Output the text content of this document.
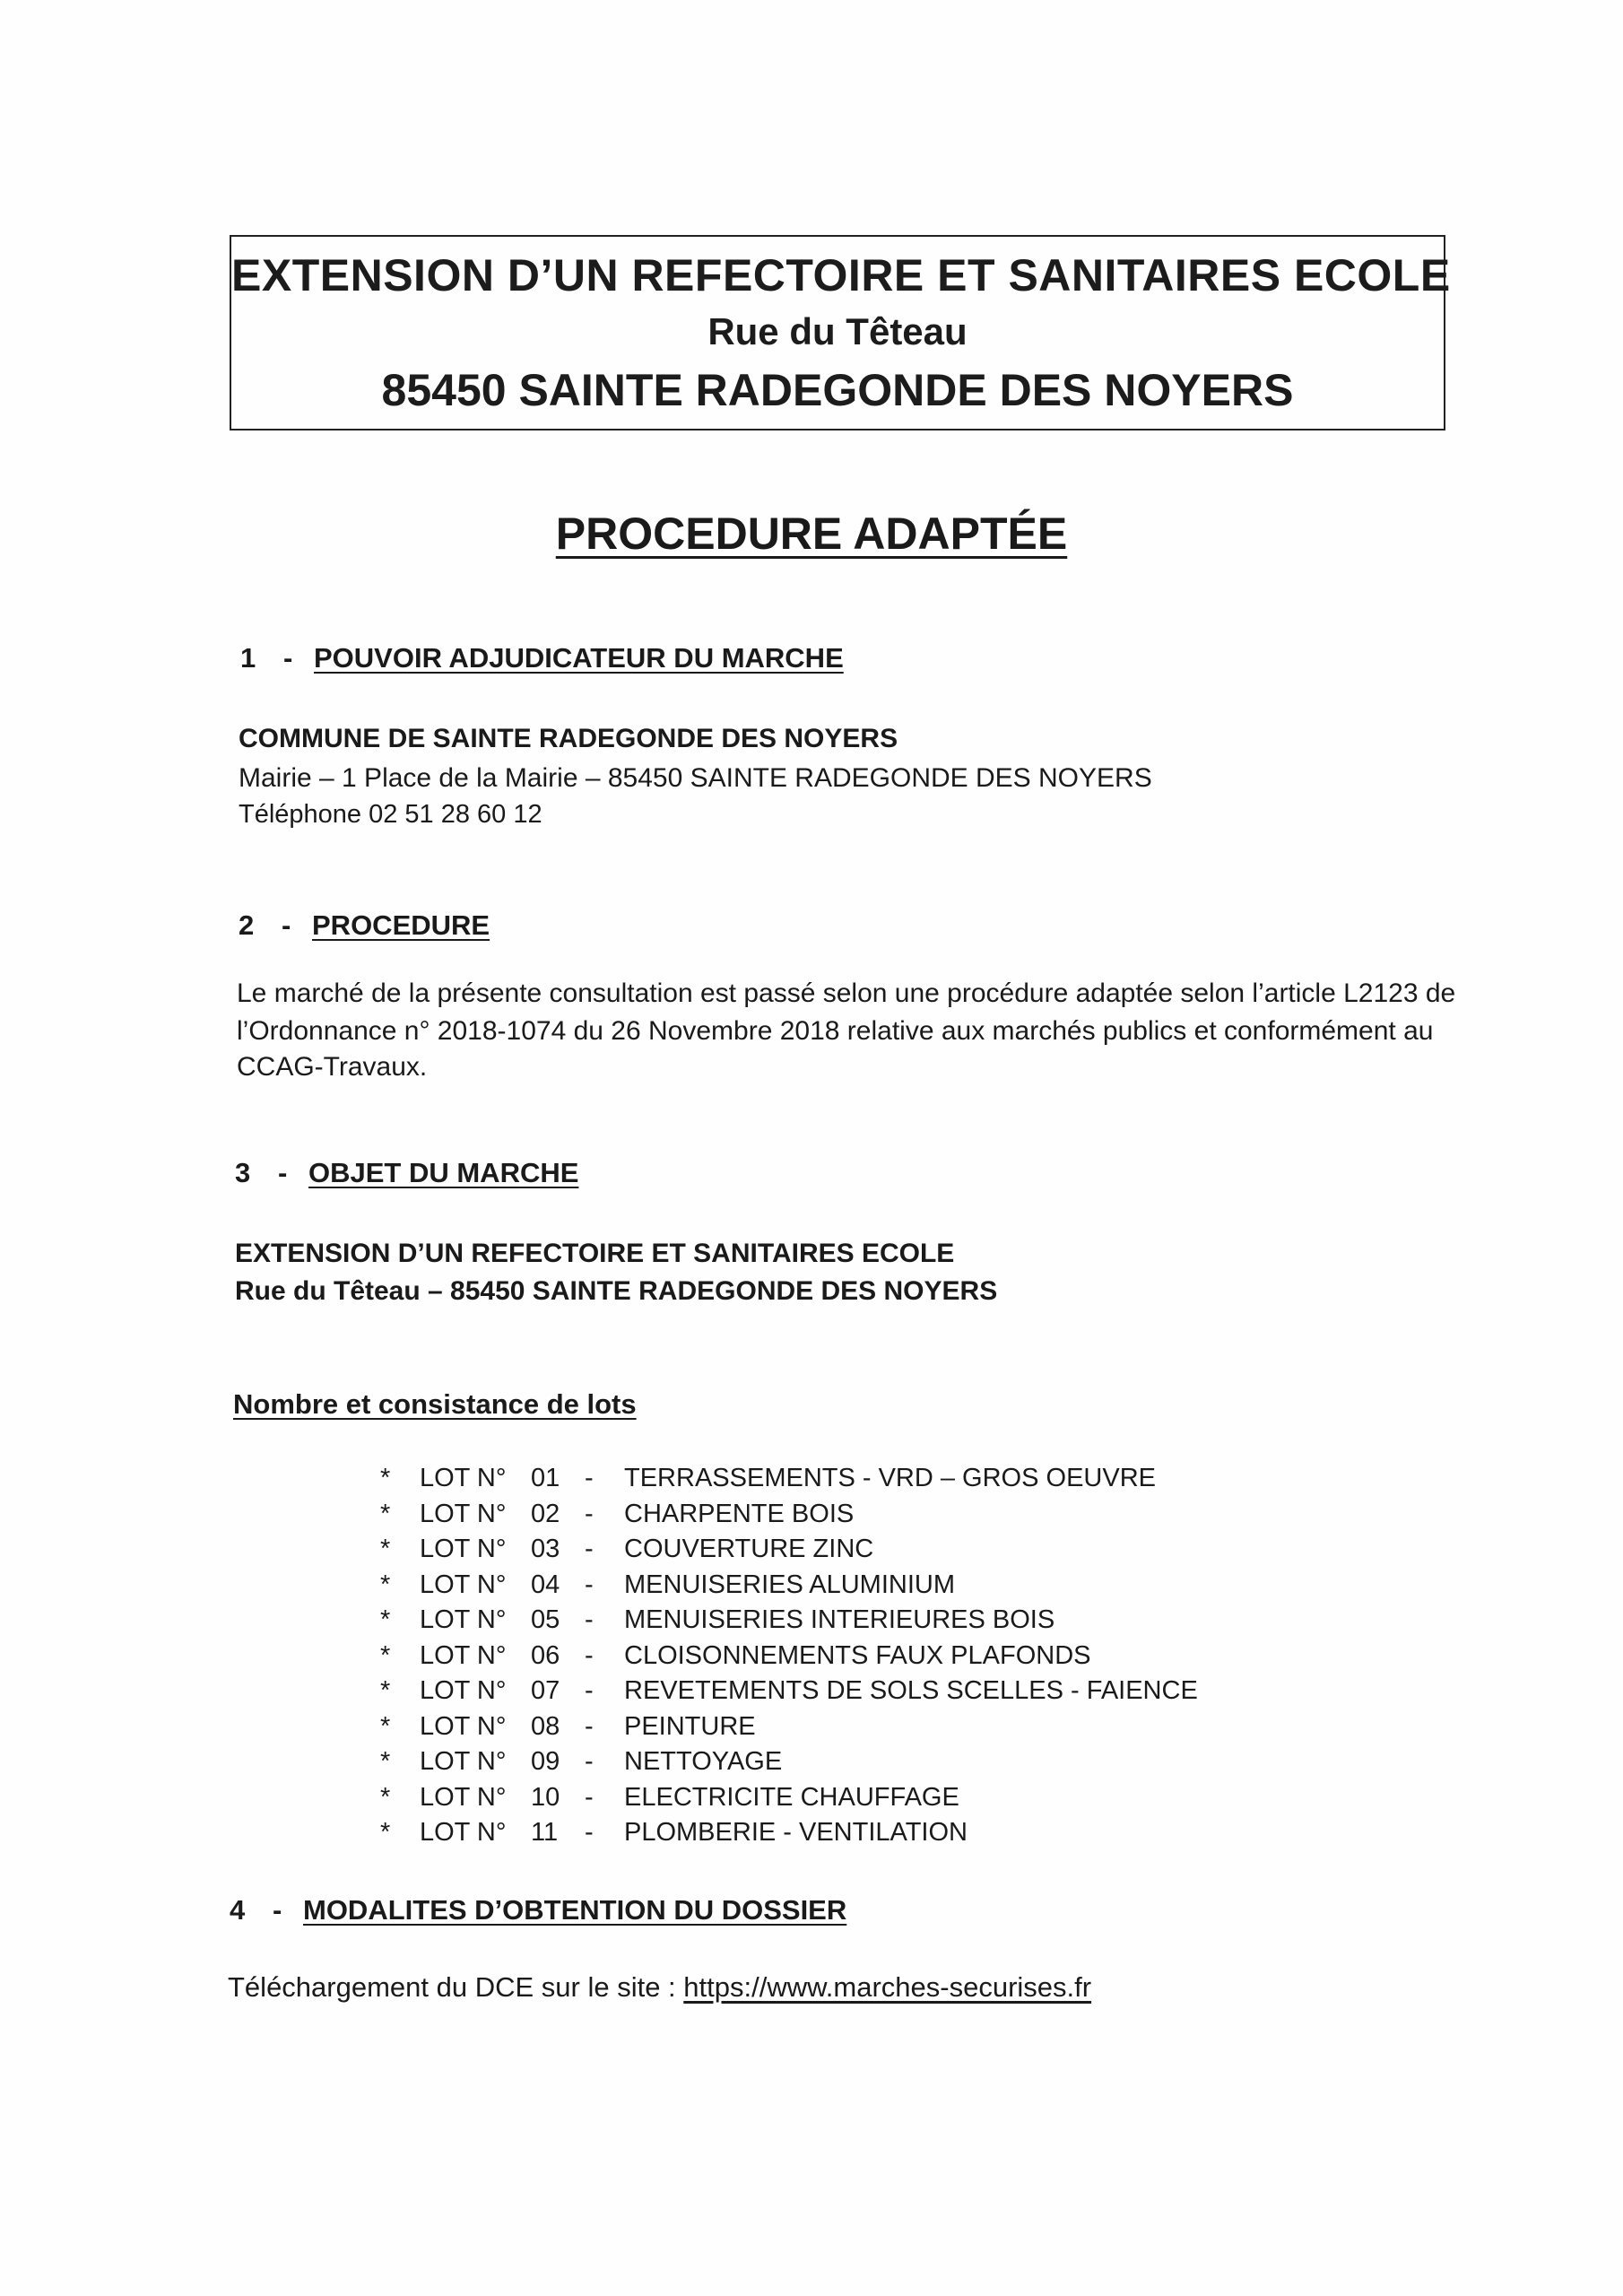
EXTENSION D’UN REFECTOIRE ET SANITAIRES ECOLE
Rue du Têteau
85450 SAINTE RADEGONDE DES NOYERS
PROCEDURE ADAPTÉE
1 - POUVOIR ADJUDICATEUR DU MARCHE
COMMUNE DE SAINTE RADEGONDE DES NOYERS
Mairie – 1 Place de la Mairie – 85450 SAINTE RADEGONDE DES NOYERS
Téléphone 02 51 28 60 12
2 - PROCEDURE
Le marché de la présente consultation est passé selon une procédure adaptée selon l’article L2123 de
l’Ordonnance n° 2018-1074 du 26 Novembre 2018 relative aux marchés publics et conformément au
CCAG-Travaux.
3 - OBJET DU MARCHE
EXTENSION D’UN REFECTOIRE ET SANITAIRES ECOLE
Rue du Têteau – 85450 SAINTE RADEGONDE DES NOYERS
Nombre et consistance de lots
* LOT N° 01 - TERRASSEMENTS - VRD – GROS OEUVRE
* LOT N° 02 - CHARPENTE BOIS
* LOT N° 03 - COUVERTURE ZINC
* LOT N° 04 - MENUISERIES ALUMINIUM
* LOT N° 05 - MENUISERIES INTERIEURES BOIS
* LOT N° 06 - CLOISONNEMENTS FAUX PLAFONDS
* LOT N° 07 - REVETEMENTS DE SOLS SCELLES - FAIENCE
* LOT N° 08 - PEINTURE
* LOT N° 09 - NETTOYAGE
* LOT N° 10 - ELECTRICITE CHAUFFAGE
* LOT N° 11 - PLOMBERIE - VENTILATION
4 - MODALITES D’OBTENTION DU DOSSIER
Téléchargement du DCE sur le site : https://www.marches-securises.fr
